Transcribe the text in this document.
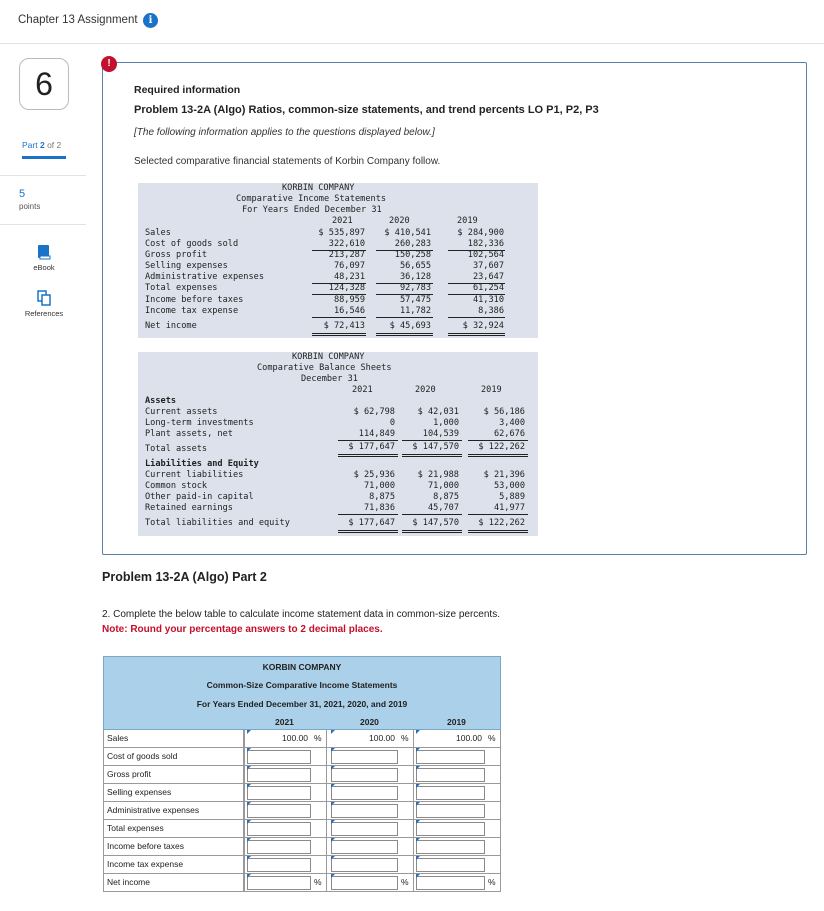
Chapter 13 Assignment	i
6
Part 2 of 2
5
points
eBook
References
!
Required information
Problem 13-2A (Algo) Ratios, common-size statements, and trend percents LO P1, P2, P3
[The following information applies to the questions displayed below.]
Selected comparative financial statements of Korbin Company follow.
KORBIN COMPANY
Comparative Income Statements
For Years Ended December 31
2021	2020	2019
Sales	$ 535,897 $ 410,541	$ 284,900
Cost of goods sold	322,610	260,283	182,336
Gross profit	213,287	150,258	102,564
Selling expenses	76,097	56,655	37,607
Administrative expenses	48,231	36,128	23,647
Total expenses	124,328	92,783	61,254
Income before taxes	88,959	57,475	41,310
Income tax expense	16,546	11,782	8,386
Net income	$ 72,413	$ 45,693	$ 32,924
KORBIN COMPANY
Comparative Balance Sheets
December 31
2021	2020	2019
Assets
Current assets	$ 62,798	$ 42,031	$ 56,186
Long-term investments	0	1,000	3,400
Plant assets, net	114,849	104,539	62,676
Total assets	$ 177,647 $ 147,570 $ 122,262
Liabilities and Equity
Current liabilities	$ 25,936	$ 21,988	$ 21,396
Common stock	71,000	71,000	53,000
Other paid-in capital	8,875	8,875	5,889
Retained earnings	71,836	45,707	41,977
Total liabilities and equity	$ 177,647 $ 147,570 $ 122,262
Problem 13-2A (Algo) Part 2
2. Complete the below table to calculate income statement data in common-size percents.
Note: Round your percentage answers to 2 decimal places.
KORBIN COMPANY
Common-Size Comparative Income Statements
For Years Ended December 31, 2021, 2020, and 2019
2021	2020	2019
Sales	100.00 %	100.00 %	100.00 %
Cost of goods sold
Gross profit
Selling expenses
Administrative expenses
Total expenses
Income before taxes
Income tax expense
Net income	%	%	%
